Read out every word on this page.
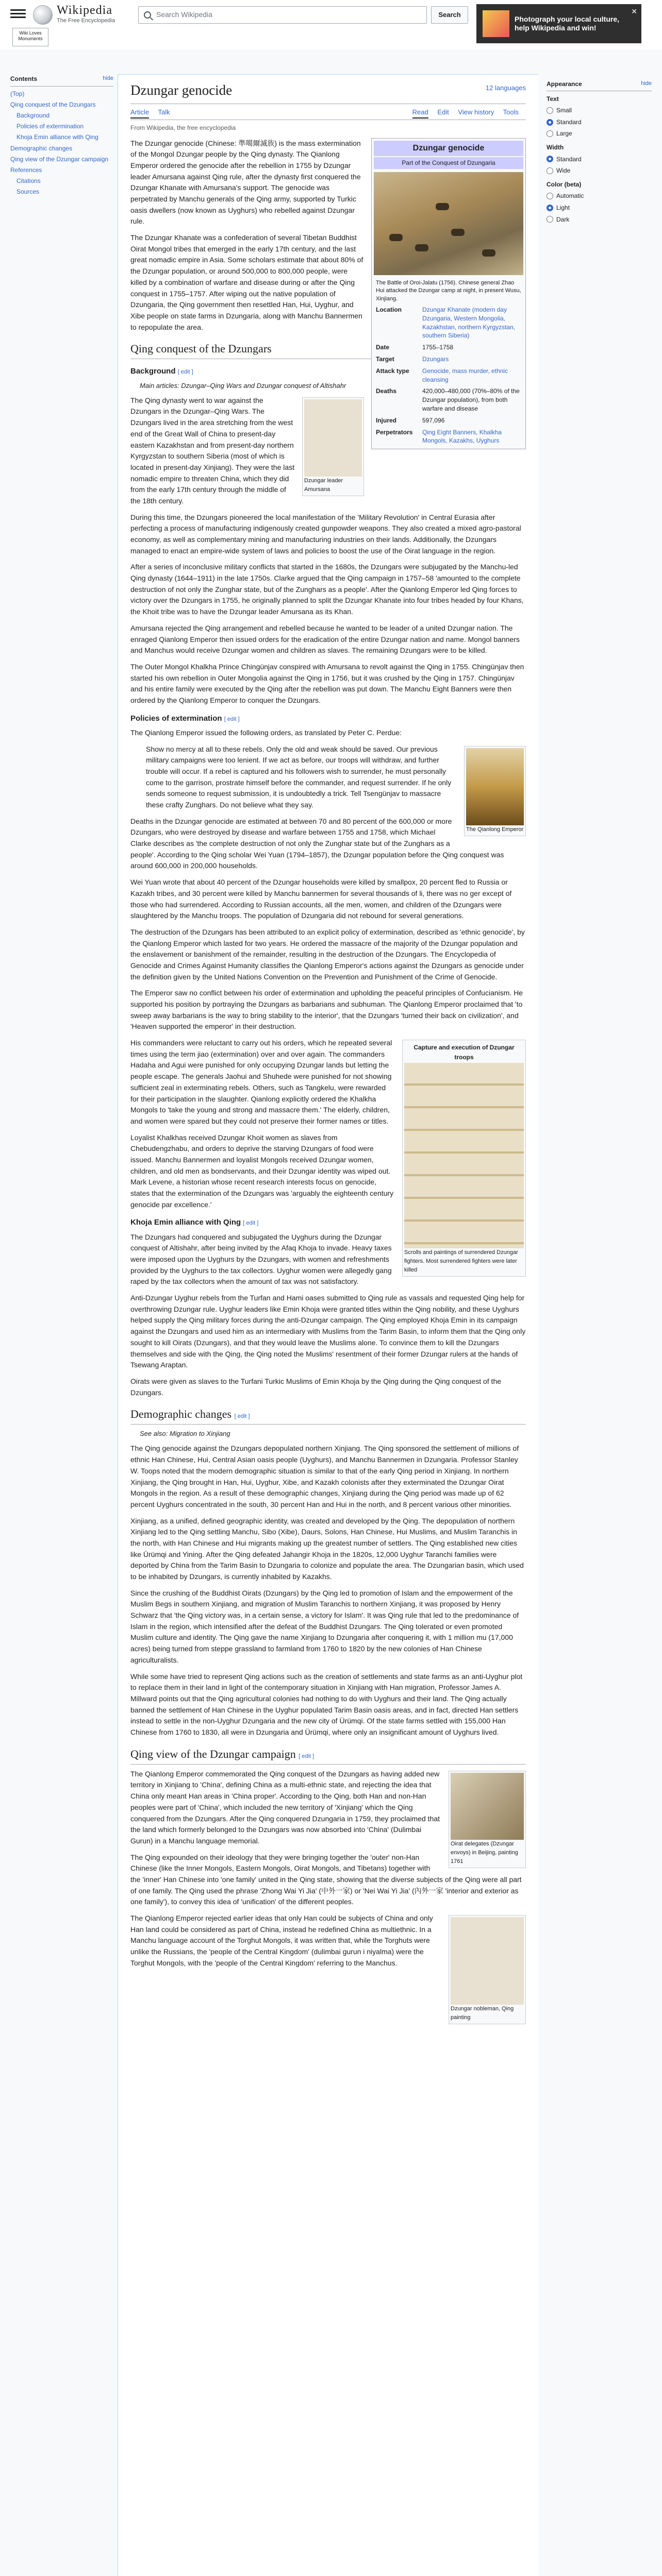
Wikipedia
The Free Encyclopedia
Search Wikipedia	Search	Photograph your local culture, help Wikipedia and win!
✕
Wiki Loves Monuments
Contents	hide
(Top)
Qing conquest of the Dzungars
Background
Policies of extermination
Khoja Emin alliance with Qing
Demographic changes
Qing view of the Dzungar campaign
References
Citations
Sources
Dzungar genocide	12 languages
Article Talk	Read Edit View history Tools
From Wikipedia, the free encyclopedia
Dzungar genocide
Part of the Conquest of Dzungaria
The Battle of Oroi-Jalatu (1756). Chinese general Zhao Hui attacked the Dzungar camp at night, in present Wusu, Xinjiang.
Location	Dzungar Khanate (modern day Dzungaria, Western Mongolia, Kazakhstan, northern Kyrgyzstan, southern Siberia)
Date	1755–1758
Target	Dzungars
Attack type	Genocide, mass murder, ethnic cleansing
Deaths	420,000–480,000 (70%–80% of the Dzungar population), from both warfare and disease
Injured	597,096
Perpetrators	Qing Eight Banners, Khalkha Mongols, Kazakhs, Uyghurs

The Dzungar genocide (Chinese: 準噶爾滅族) is the mass extermination of the Mongol Dzungar people by the Qing dynasty. The Qianlong Emperor ordered the genocide after the rebellion in 1755 by Dzungar leader Amursana against Qing rule, after the dynasty first conquered the Dzungar Khanate with Amursana's support. The genocide was perpetrated by Manchu generals of the Qing army, supported by Turkic oasis dwellers (now known as Uyghurs) who rebelled against Dzungar rule.

The Dzungar Khanate was a confederation of several Tibetan Buddhist Oirat Mongol tribes that emerged in the early 17th century, and the last great nomadic empire in Asia. Some scholars estimate that about 80% of the Dzungar population, or around 500,000 to 800,000 people, were killed by a combination of warfare and disease during or after the Qing conquest in 1755–1757. After wiping out the native population of Dzungaria, the Qing government then resettled Han, Hui, Uyghur, and Xibe people on state farms in Dzungaria, along with Manchu Bannermen to repopulate the area.

Qing conquest of the Dzungars
Background [ edit ]
Main articles: Dzungar–Qing Wars and Dzungar conquest of Altishahr
Dzungar leader Amursana

The Qing dynasty went to war against the Dzungars in the Dzungar–Qing Wars. The Dzungars lived in the area stretching from the west end of the Great Wall of China to present-day eastern Kazakhstan and from present-day northern Kyrgyzstan to southern Siberia (most of which is located in present-day Xinjiang). They were the last nomadic empire to threaten China, which they did from the early 17th century through the middle of the 18th century.

During this time, the Dzungars pioneered the local manifestation of the 'Military Revolution' in Central Eurasia after perfecting a process of manufacturing indigenously created gunpowder weapons. They also created a mixed agro-pastoral economy, as well as complementary mining and manufacturing industries on their lands. Additionally, the Dzungars managed to enact an empire-wide system of laws and policies to boost the use of the Oirat language in the region.

After a series of inconclusive military conflicts that started in the 1680s, the Dzungars were subjugated by the Manchu-led Qing dynasty (1644–1911) in the late 1750s. Clarke argued that the Qing campaign in 1757–58 'amounted to the complete destruction of not only the Zunghar state, but of the Zunghars as a people'. After the Qianlong Emperor led Qing forces to victory over the Dzungars in 1755, he originally planned to split the Dzungar Khanate into four tribes headed by four Khans, the Khoit tribe was to have the Dzungar leader Amursana as its Khan.

Amursana rejected the Qing arrangement and rebelled because he wanted to be leader of a united Dzungar nation. The enraged Qianlong Emperor then issued orders for the eradication of the entire Dzungar nation and name. Mongol banners and Manchus would receive Dzungar women and children as slaves. The remaining Dzungars were to be killed.

The Outer Mongol Khalkha Prince Chingünjav conspired with Amursana to revolt against the Qing in 1755. Chingünjav then started his own rebellion in Outer Mongolia against the Qing in 1756, but it was crushed by the Qing in 1757. Chingünjav and his entire family were executed by the Qing after the rebellion was put down. The Manchu Eight Banners were then ordered by the Qianlong Emperor to conquer the Dzungars.

Policies of extermination [ edit ]

The Qianlong Emperor issued the following orders, as translated by Peter C. Perdue:

The Qianlong Emperor
Show no mercy at all to these rebels. Only the old and weak should be saved. Our previous military campaigns were too lenient. If we act as before, our troops will withdraw, and further trouble will occur. If a rebel is captured and his followers wish to surrender, he must personally come to the garrison, prostrate himself before the commander, and request surrender. If he only sends someone to request submission, it is undoubtedly a trick. Tell Tsengünjav to massacre these crafty Zunghars. Do not believe what they say.

Deaths in the Dzungar genocide are estimated at between 70 and 80 percent of the 600,000 or more Dzungars, who were destroyed by disease and warfare between 1755 and 1758, which Michael Clarke describes as 'the complete destruction of not only the Zunghar state but of the Zunghars as a people'. According to the Qing scholar Wei Yuan (1794–1857), the Dzungar population before the Qing conquest was around 600,000 in 200,000 households.

Wei Yuan wrote that about 40 percent of the Dzungar households were killed by smallpox, 20 percent fled to Russia or Kazakh tribes, and 30 percent were killed by Manchu bannermen for several thousands of li, there was no ger except of those who had surrendered. According to Russian accounts, all the men, women, and children of the Dzungars were slaughtered by the Manchu troops. The population of Dzungaria did not rebound for several generations.

The destruction of the Dzungars has been attributed to an explicit policy of extermination, described as 'ethnic genocide', by the Qianlong Emperor which lasted for two years. He ordered the massacre of the majority of the Dzungar population and the enslavement or banishment of the remainder, resulting in the destruction of the Dzungars. The Encyclopedia of Genocide and Crimes Against Humanity classifies the Qianlong Emperor's actions against the Dzungars as genocide under the definition given by the United Nations Convention on the Prevention and Punishment of the Crime of Genocide.

The Emperor saw no conflict between his order of extermination and upholding the peaceful principles of Confucianism. He supported his position by portraying the Dzungars as barbarians and subhuman. The Qianlong Emperor proclaimed that 'to sweep away barbarians is the way to bring stability to the interior', that the Dzungars 'turned their back on civilization', and 'Heaven supported the emperor' in their destruction.

Capture and execution of Dzungar troops
Scrolls and paintings of surrendered Dzungar fighters. Most surrendered fighters were later killed

His commanders were reluctant to carry out his orders, which he repeated several times using the term jiao (extermination) over and over again. The commanders Hadaha and Agui were punished for only occupying Dzungar lands but letting the people escape. The generals Jaohui and Shuhede were punished for not showing sufficient zeal in exterminating rebels. Others, such as Tangkelu, were rewarded for their participation in the slaughter. Qianlong explicitly ordered the Khalkha Mongols to 'take the young and strong and massacre them.' The elderly, children, and women were spared but they could not preserve their former names or titles.

Loyalist Khalkhas received Dzungar Khoit women as slaves from Chebudengzhabu, and orders to deprive the starving Dzungars of food were issued. Manchu Bannermen and loyalist Mongols received Dzungar women, children, and old men as bondservants, and their Dzungar identity was wiped out. Mark Levene, a historian whose recent research interests focus on genocide, states that the extermination of the Dzungars was 'arguably the eighteenth century genocide par excellence.'

Khoja Emin alliance with Qing [ edit ]

The Dzungars had conquered and subjugated the Uyghurs during the Dzungar conquest of Altishahr, after being invited by the Afaq Khoja to invade. Heavy taxes were imposed upon the Uyghurs by the Dzungars, with women and refreshments provided by the Uyghurs to the tax collectors. Uyghur women were allegedly gang raped by the tax collectors when the amount of tax was not satisfactory.

Anti-Dzungar Uyghur rebels from the Turfan and Hami oases submitted to Qing rule as vassals and requested Qing help for overthrowing Dzungar rule. Uyghur leaders like Emin Khoja were granted titles within the Qing nobility, and these Uyghurs helped supply the Qing military forces during the anti-Dzungar campaign. The Qing employed Khoja Emin in its campaign against the Dzungars and used him as an intermediary with Muslims from the Tarim Basin, to inform them that the Qing only sought to kill Oirats (Dzungars), and that they would leave the Muslims alone. To convince them to kill the Dzungars themselves and side with the Qing, the Qing noted the Muslims' resentment of their former Dzungar rulers at the hands of Tsewang Araptan.

Oirats were given as slaves to the Turfani Turkic Muslims of Emin Khoja by the Qing during the Qing conquest of the Dzungars.

Demographic changes [ edit ]
See also: Migration to Xinjiang

The Qing genocide against the Dzungars depopulated northern Xinjiang. The Qing sponsored the settlement of millions of ethnic Han Chinese, Hui, Central Asian oasis people (Uyghurs), and Manchu Bannermen in Dzungaria. Professor Stanley W. Toops noted that the modern demographic situation is similar to that of the early Qing period in Xinjiang. In northern Xinjiang, the Qing brought in Han, Hui, Uyghur, Xibe, and Kazakh colonists after they exterminated the Dzungar Oirat Mongols in the region. As a result of these demographic changes, Xinjiang during the Qing period was made up of 62 percent Uyghurs concentrated in the south, 30 percent Han and Hui in the north, and 8 percent various other minorities.

Xinjiang, as a unified, defined geographic identity, was created and developed by the Qing. The depopulation of northern Xinjiang led to the Qing settling Manchu, Sibo (Xibe), Daurs, Solons, Han Chinese, Hui Muslims, and Muslim Taranchis in the north, with Han Chinese and Hui migrants making up the greatest number of settlers. The Qing established new cities like Ürümqi and Yining. After the Qing defeated Jahangir Khoja in the 1820s, 12,000 Uyghur Taranchi families were deported by China from the Tarim Basin to Dzungaria to colonize and populate the area. The Dzungarian basin, which used to be inhabited by Dzungars, is currently inhabited by Kazakhs.

Since the crushing of the Buddhist Oirats (Dzungars) by the Qing led to promotion of Islam and the empowerment of the Muslim Begs in southern Xinjiang, and migration of Muslim Taranchis to northern Xinjiang, it was proposed by Henry Schwarz that 'the Qing victory was, in a certain sense, a victory for Islam'. It was Qing rule that led to the predominance of Islam in the region, which intensified after the defeat of the Buddhist Dzungars. The Qing tolerated or even promoted Muslim culture and identity. The Qing gave the name Xinjiang to Dzungaria after conquering it, with 1 million mu (17,000 acres) being turned from steppe grassland to farmland from 1760 to 1820 by the new colonies of Han Chinese agriculturalists.

While some have tried to represent Qing actions such as the creation of settlements and state farms as an anti-Uyghur plot to replace them in their land in light of the contemporary situation in Xinjiang with Han migration, Professor James A. Millward points out that the Qing agricultural colonies had nothing to do with Uyghurs and their land. The Qing actually banned the settlement of Han Chinese in the Uyghur populated Tarim Basin oasis areas, and in fact, directed Han settlers instead to settle in the non-Uyghur Dzungaria and the new city of Ürümqi. Of the state farms settled with 155,000 Han Chinese from 1760 to 1830, all were in Dzungaria and Ürümqi, where only an insignificant amount of Uyghurs lived.

Qing view of the Dzungar campaign [ edit ]
Oirat delegates (Dzungar envoys) in Beijing, painting 1761

The Qianlong Emperor commemorated the Qing conquest of the Dzungars as having added new territory in Xinjiang to 'China', defining China as a multi-ethnic state, and rejecting the idea that China only meant Han areas in 'China proper'. According to the Qing, both Han and non-Han peoples were part of 'China', which included the new territory of 'Xinjiang' which the Qing conquered from the Dzungars. After the Qing conquered Dzungaria in 1759, they proclaimed that the land which formerly belonged to the Dzungars was now absorbed into 'China' (Dulimbai Gurun) in a Manchu language memorial.

The Qing expounded on their ideology that they were bringing together the 'outer' non-Han Chinese (like the Inner Mongols, Eastern Mongols, Oirat Mongols, and Tibetans) together with the 'inner' Han Chinese into 'one family' united in the Qing state, showing that the diverse subjects of the Qing were all part of one family. The Qing used the phrase 'Zhong Wai Yi Jia' (中外一家) or 'Nei Wai Yi Jia' (內外一家 'interior and exterior as one family'), to convey this idea of 'unification' of the different peoples.

Dzungar nobleman, Qing painting

The Qianlong Emperor rejected earlier ideas that only Han could be subjects of China and only Han land could be considered as part of China, instead he redefined China as multiethnic. In a Manchu language account of the Torghut Mongols, it was written that, while the Torghuts were unlike the Russians, the 'people of the Central Kingdom' (dulimbai gurun i niyalma) were the Torghut Mongols, with the 'people of the Central Kingdom' referring to the Manchus.

Appearance	hide
Text
Small
Standard
Large
Width
Standard
Wide
Color (beta)
Automatic
Light
Dark
